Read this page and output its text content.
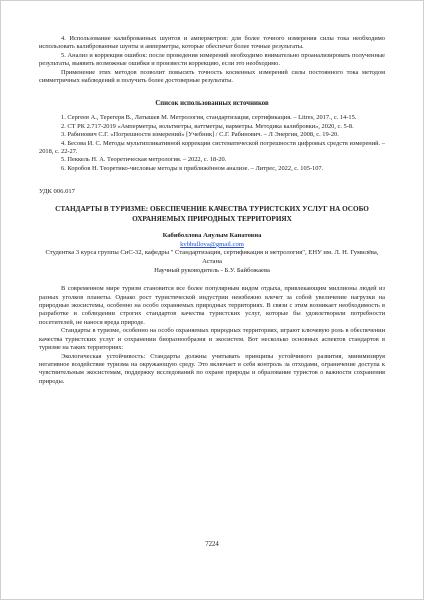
4. Использование калиброванных шунтов и амперметров: для более точного измерения силы тока необходимо использовать калиброванные шунты и амперметры, которые обеспечат более точные результаты.

5. Анализ и коррекция ошибок: после проведения измерений необходимо внимательно проанализировать полученные результаты, выявить возможные ошибки и произвести коррекцию, если это необходимо.

Применение этих методов позволит повысить точность косвенных измерений силы постоянного тока методом симметричных наблюдений и получить более достоверные результаты.

Список использованных источников

1. Сергеев А., Терегеря В., Латышев М. Метрология, стандартизация, сертификация. – Litres, 2017., с. 14-15.

2. СТ РК 2.717-2019 «Амперметры, вольтметры, ваттметры, варметры. Методика калибровки», 2020, с. 5-8.

3. Рабинович С.Г. «Погрешности измерений» [Учебник] / С.Г. Рабинович. – Л Энергия, 2008, с. 19-20.

4. Бесова И. С. Методы мультипликативной коррекции систематической погрешности цифровых средств измерений. – 2018, с. 22-27.

5. Пеккель Н. А. Теоретическая метрология. – 2022, с. 18-20.

6. Коробов Н. Теоретико-числовые методы в приближённом анализе. – Литрес, 2022, с. 105-107.

УДК 006.017

СТАНДАРТЫ В ТУРИЗМЕ: ОБЕСПЕЧЕНИЕ КАЧЕСТВА ТУРИСТСКИХ УСЛУГ НА ОСОБО ОХРАНЯЕМЫХ ПРИРОДНЫХ ТЕРРИТОРИЯХ

Кабиболлова Аяулым Канатовна

kvbbullova@gmail.com

Студентка 3 курса группы СиС-32, кафедры " Стандартизация, сертификация и метрология", ЕНУ им. Л. Н. Гумилёва, Астана

Научный руководитель - Б.У. Байбожаева

В современном мире туризм становится все более популярным видом отдыха, привлекающим миллионы людей из разных уголков планеты. Однако рост туристической индустрии неизбежно влечет за собой увеличение нагрузки на природные экосистемы, особенно на особо охраняемых природных территориях. В связи с этим возникает необходимость в разработке и соблюдении строгих стандартов качества туристских услуг, которые бы удовлетворяли потребности посетителей, не нанося вреда природе.

Стандарты в туризме, особенно на особо охраняемых природных территориях, играют ключевую роль в обеспечении качества туристских услуг и сохранении биоразнообразия и экосистем. Вот несколько основных аспектов стандартов в туризме на таких территориях:

Экологическая устойчивость: Стандарты должны учитывать принципы устойчивого развития, минимизируя негативное воздействие туризма на окружающую среду. Это включает в себя контроль за отходами, ограничение доступа к чувствительным экосистемам, поддержку исследований по охране природы и образование туристов о важности сохранения природы.

7224
